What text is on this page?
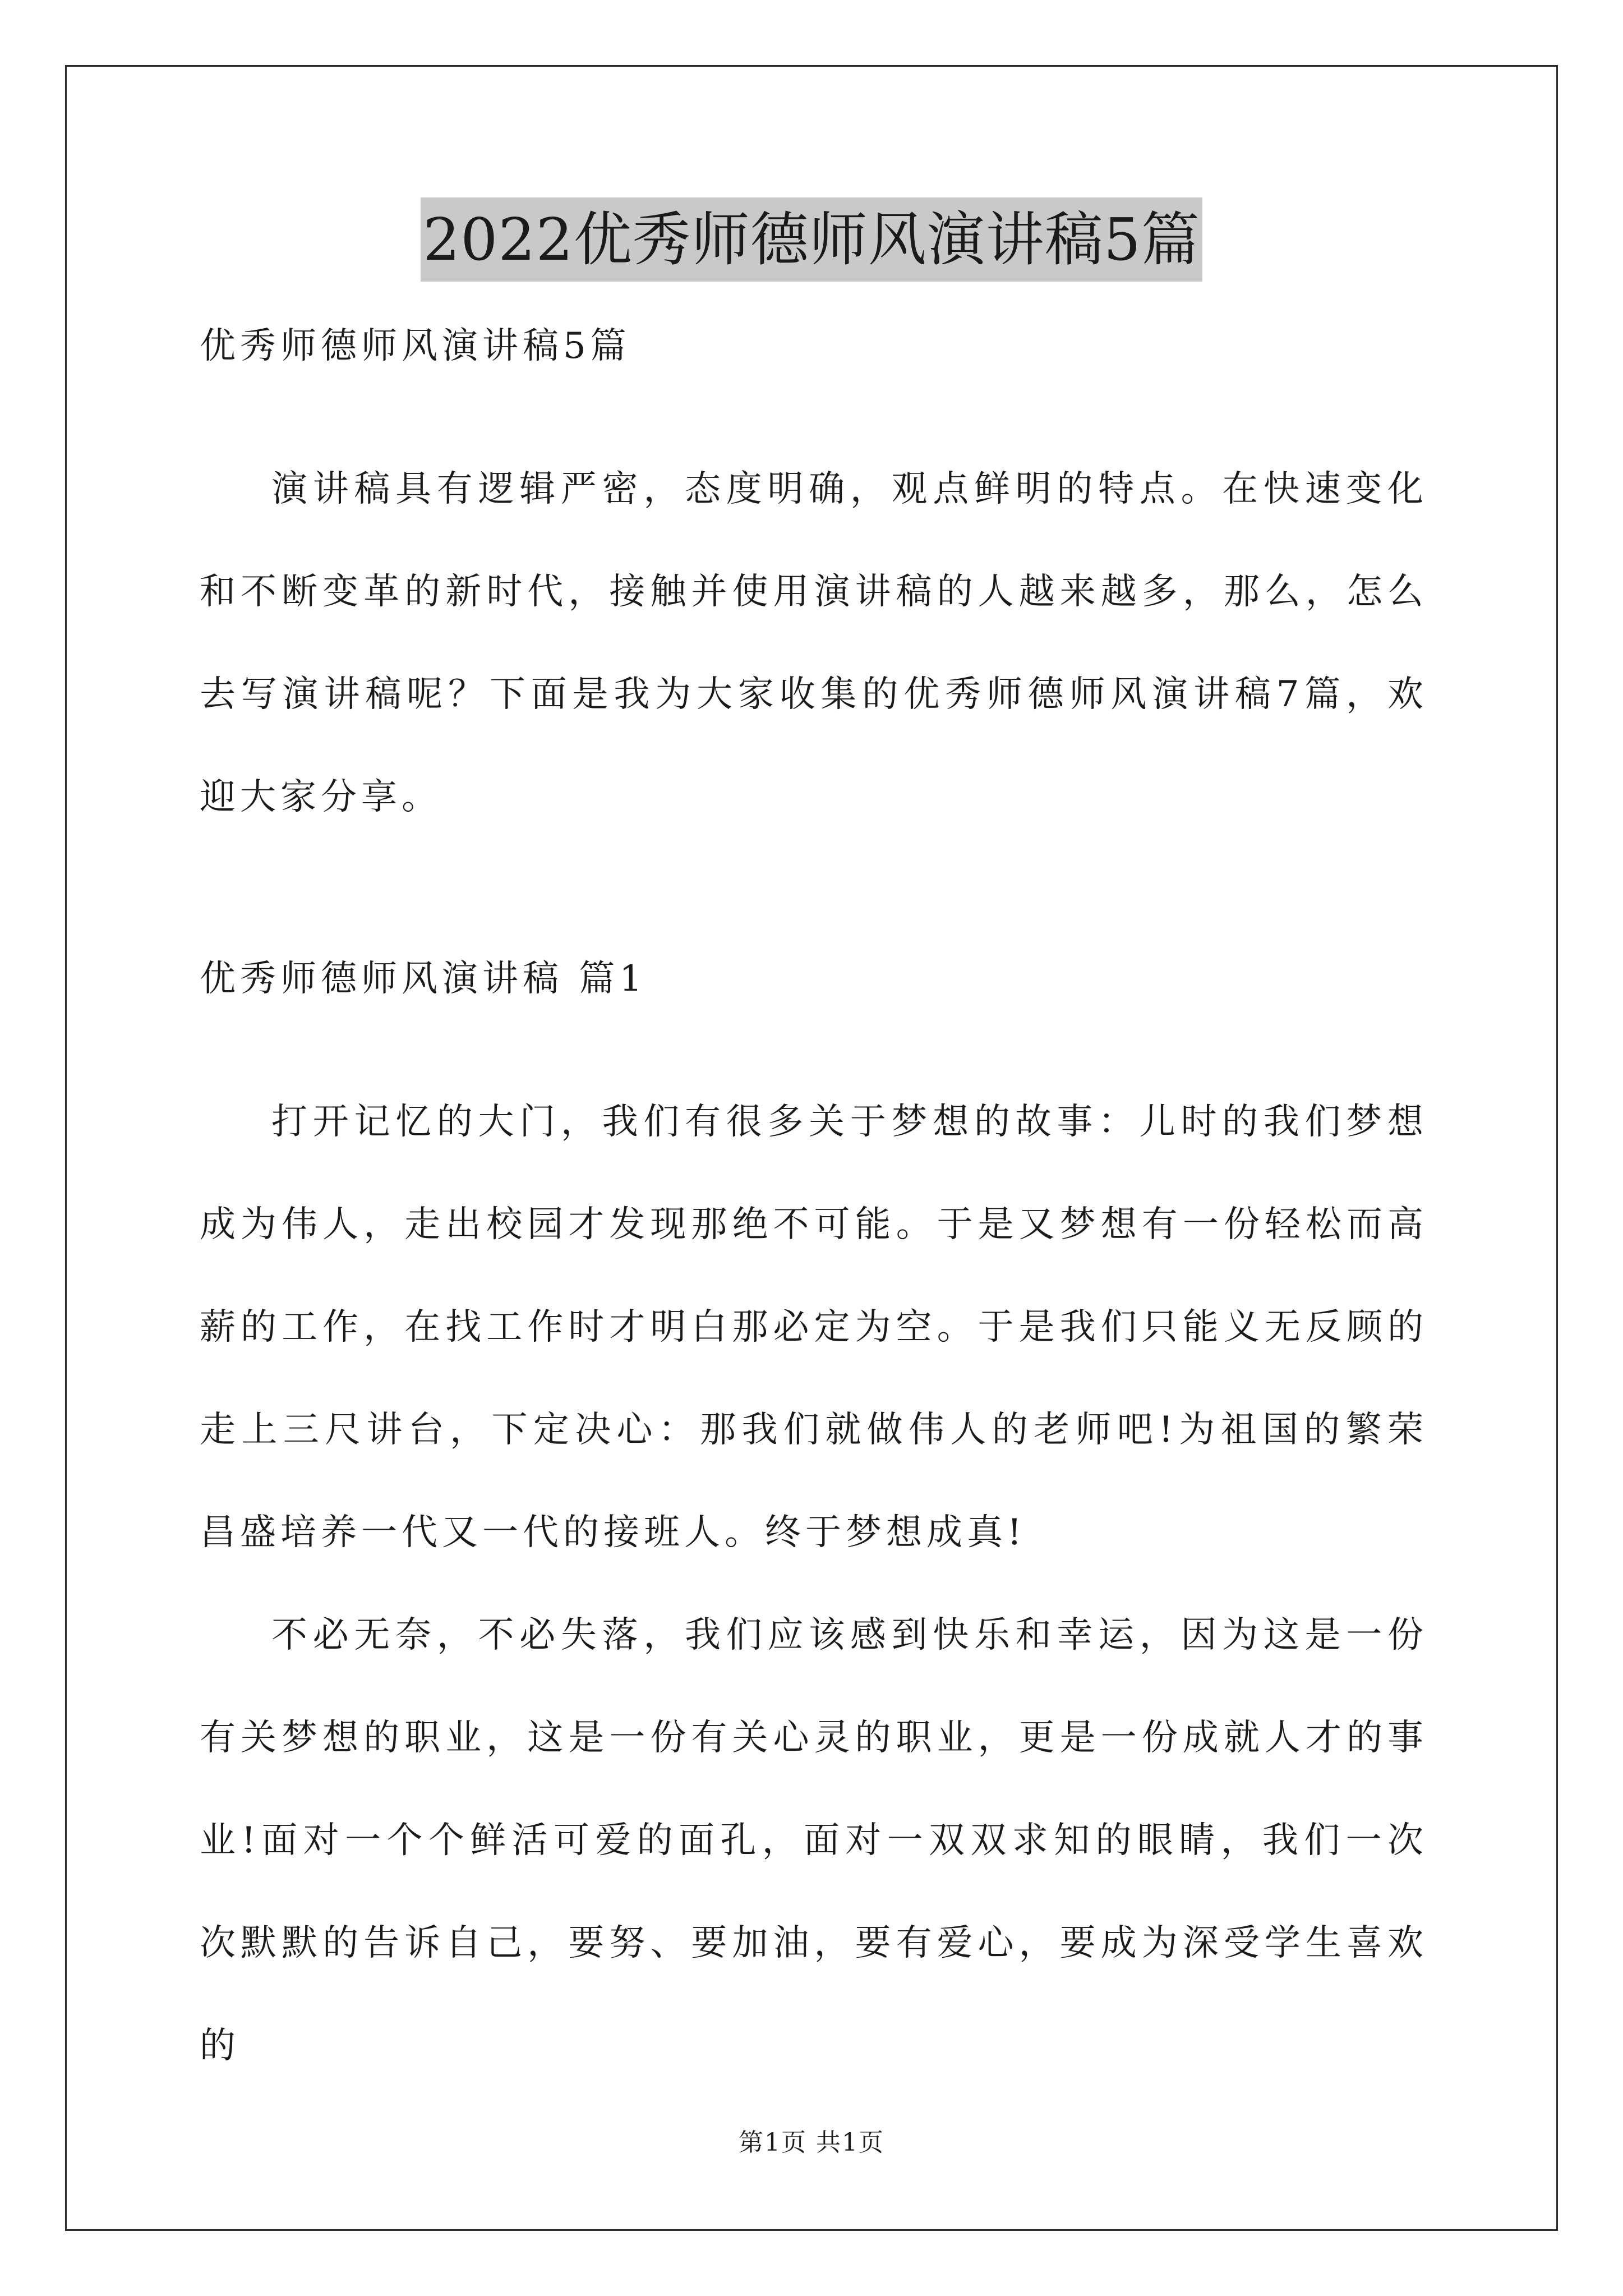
2022优秀师德师风演讲稿5篇
优秀师德师风演讲稿5篇

演讲稿具有逻辑严密，态度明确，观点鲜明的特点。在快速变化和不断变革的新时代，接触并使用演讲稿的人越来越多，那么，怎么去写演讲稿呢？下面是我为大家收集的优秀师德师风演讲稿7篇，欢迎大家分享。

优秀师德师风演讲稿 篇1

打开记忆的大门，我们有很多关于梦想的故事：儿时的我们梦想成为伟人，走出校园才发现那绝不可能。于是又梦想有一份轻松而高薪的工作，在找工作时才明白那必定为空。于是我们只能义无反顾的走上三尺讲台，下定决心：那我们就做伟人的老师吧!为祖国的繁荣昌盛培养一代又一代的接班人。终于梦想成真!

不必无奈，不必失落，我们应该感到快乐和幸运，因为这是一份有关梦想的职业，这是一份有关心灵的职业，更是一份成就人才的事业!面对一个个鲜活可爱的面孔，面对一双双求知的眼睛，我们一次次默默的告诉自己，要努、要加油，要有爱心，要成为深受学生喜欢的

第1页 共1页
